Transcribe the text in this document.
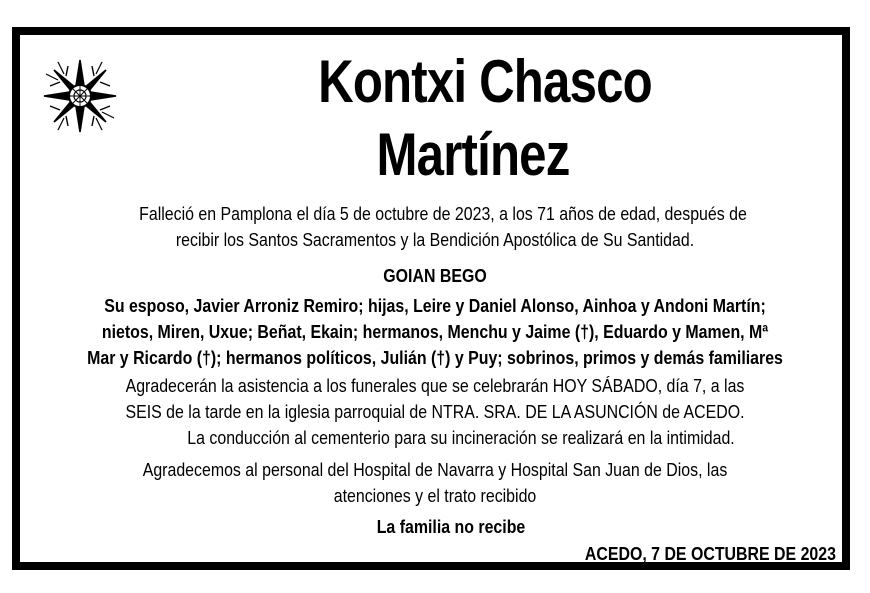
Kontxi Chasco
Martínez
Falleció en Pamplona el día 5 de octubre de 2023, a los 71 años de edad, después de
recibir los Santos Sacramentos y la Bendición Apostólica de Su Santidad.
GOIAN BEGO
Su esposo, Javier Arroniz Remiro; hijas, Leire y Daniel Alonso, Ainhoa y Andoni Martín;
nietos, Miren, Uxue; Beñat, Ekain; hermanos, Menchu y Jaime (†), Eduardo y Mamen, Mª
Mar y Ricardo (†); hermanos políticos, Julián (†) y Puy; sobrinos, primos y demás familiares
Agradecerán la asistencia a los funerales que se celebrarán HOY SÁBADO, día 7, a las
SEIS de la tarde en la iglesia parroquial de NTRA. SRA. DE LA ASUNCIÓN de ACEDO.
La conducción al cementerio para su incineración se realizará en la intimidad.
Agradecemos al personal del Hospital de Navarra y Hospital San Juan de Dios, las
atenciones y el trato recibido
La familia no recibe
ACEDO, 7 DE OCTUBRE DE 2023
